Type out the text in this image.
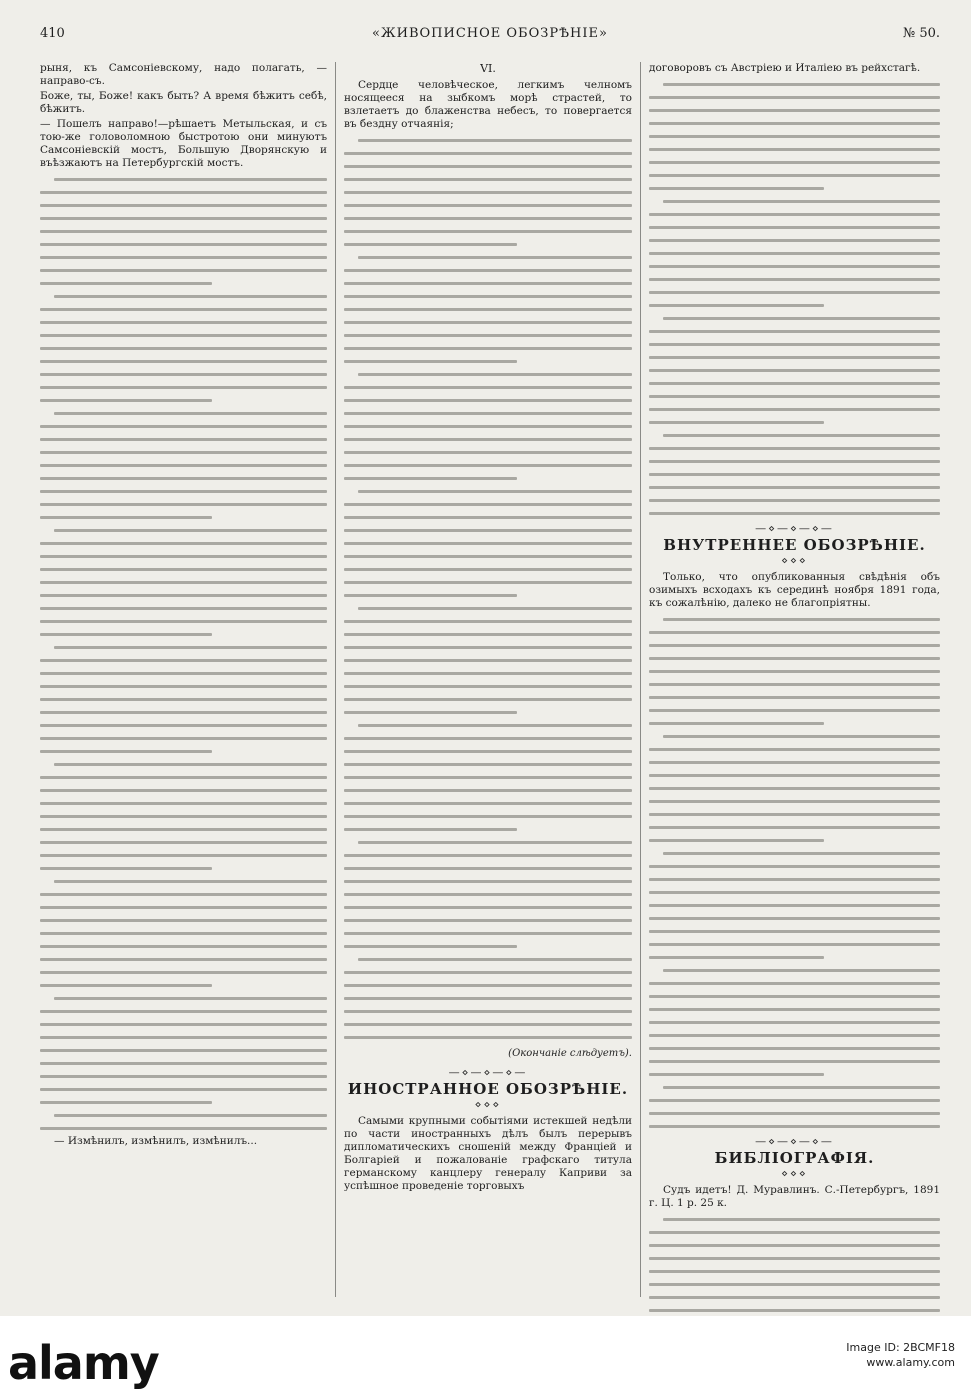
410	«ЖИВОПИСНОЕ ОБОЗРѢНІЕ»	№ 50.

рыня, къ Самсоніевскому, надо полагать, — направо-съ.

Боже, ты, Боже! какъ быть? А время бѣжитъ себѣ, бѣжитъ.

— Пошелъ направо!—рѣшаетъ Метыльская, и съ тою-же головоломною быстротою они минуютъ Самсоніевскій мостъ, Большую Дворянскую и въѣзжаютъ на Петербургскій мостъ.

— Измѣнилъ, измѣнилъ, измѣнилъ...

VI.

Сердце человѣческое, легкимъ челномъ носящееся на зыбкомъ морѣ страстей, то взлетаетъ до блаженства небесъ, то повергается въ бездну отчаянія;

(Окончаніе слѣдуетъ).
—⋄—⋄—⋄—
ИНОСТРАННОЕ ОБОЗРѢНІЕ.
⋄⋄⋄

Самыми крупными событіями истекшей недѣли по части иностранныхъ дѣлъ былъ перерывъ дипломатическихъ сношеній между Франціей и Болгаріей и пожалованіе графскаго титула германскому канцлеру генералу Каприви за успѣшное проведеніе торговыхъ

договоровъ съ Австріею и Италіею въ рейхстагѣ.

—⋄—⋄—⋄—
ВНУТРЕННЕЕ ОБОЗРѢНІЕ.
⋄⋄⋄

Только, что опубликованныя свѣдѣнія объ озимыхъ всходахъ къ серединѣ ноября 1891 года, къ сожалѣнію, далеко не благопріятны.

—⋄—⋄—⋄—
БИБЛІОГРАФІЯ.
⋄⋄⋄

Судъ идетъ! Д. Муравлинъ. С.-Петербургъ, 1891 г. Ц. 1 р. 25 к.

alamy	Image ID: 2BCMF18
www.alamy.com
